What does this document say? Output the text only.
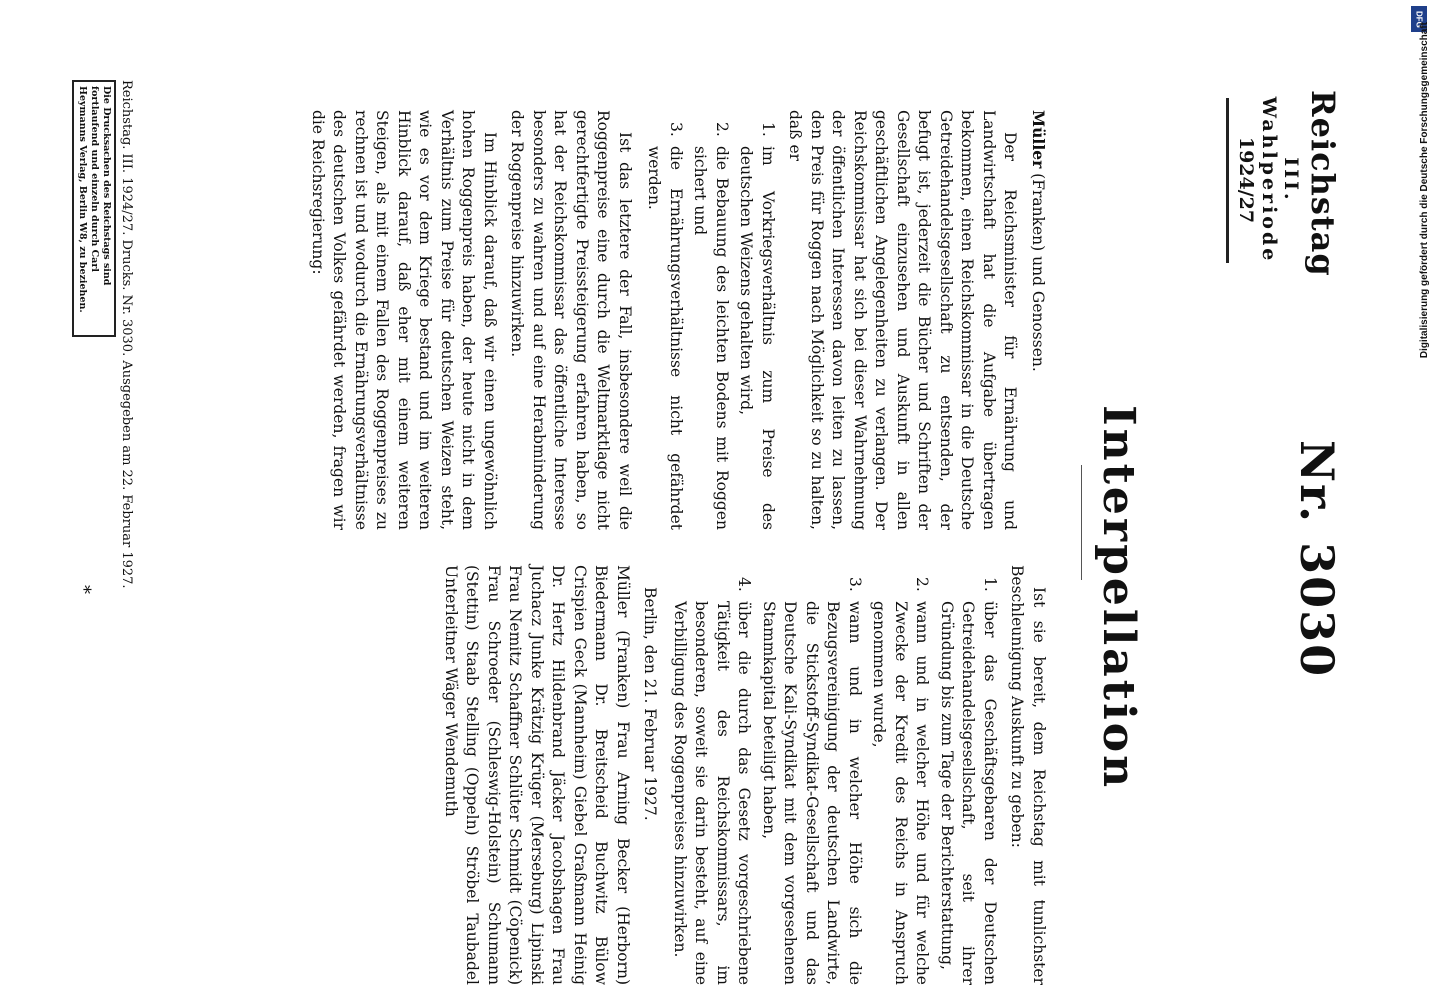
Reichstag
III. Wahlperiode
1924/27
Nr. 3030
Interpellation

Müller (Franken) und Genossen.

Der Reichsminister für Ernährung und Landwirtschaft hat die Aufgabe übertragen bekommen, einen Reichskommissar in die Deutsche Getreidehandelsgesellschaft zu entsenden, der befugt ist, jederzeit die Bücher und Schriften der Gesellschaft einzusehen und Auskunft in allen geschäftlichen Angelegenheiten zu verlangen. Der Reichskommissar hat sich bei dieser Wahrnehmung der öffentlichen Interessen davon leiten zu lassen, den Preis für Roggen nach Möglichkeit so zu halten, daß er

1.
im Vorkriegsverhältnis zum Preise des deutschen Weizens gehalten wird,
2.
die Bebauung des leichten Bodens mit Roggen sichert und
3.
die Ernährungsverhältnisse nicht gefährdet werden.

Ist das letztere der Fall, insbesondere weil die Roggenpreise eine durch die Weltmarktlage nicht gerechtfertigte Preissteigerung erfahren haben, so hat der Reichskommissar das öffentliche Interesse besonders zu wahren und auf eine Herabminderung der Roggenpreise hinzuwirken.

Im Hinblick darauf, daß wir einen ungewöhnlich hohen Roggenpreis haben, der heute nicht in dem Verhältnis zum Preise für deutschen Weizen steht, wie es vor dem Kriege bestand und im weiteren Hinblick darauf, daß eher mit einem weiteren Steigen, als mit einem Fallen des Roggenpreises zu rechnen ist und wodurch die Ernährungsverhältnisse des deutschen Volkes gefährdet werden, fragen wir die Reichsregierung:

Ist sie bereit, dem Reichstag mit tunlichster Beschleunigung Auskunft zu geben:

1.
über das Geschäftsgebaren der Deutschen Getreidehandelsgesellschaft, seit ihrer Gründung bis zum Tage der Berichterstattung,
2.
wann und in welcher Höhe und für welche Zwecke der Kredit des Reichs in Anspruch genommen wurde,
3.
wann und in welcher Höhe sich die Bezugsvereinigung der deutschen Landwirte, die Stickstoff-Syndikat-Gesellschaft und das Deutsche Kali-Syndikat mit dem vorgesehenen Stammkapital beteiligt haben,
4.
über die durch das Gesetz vorgeschriebene Tätigkeit des Reichskommissars, im besonderen, soweit sie darin besteht, auf eine Verbilligung des Roggenpreises hinzuwirken.

Berlin, den 21. Februar 1927.

Müller (Franken) Frau Arning Becker (Herborn) Biedermann Dr. Breitscheid Buchwitz Bülow Crispien Geck (Mannheim) Giebel Graßmann Heinig Dr. Hertz Hildenbrand Jäcker Jacobshagen Frau Juchacz Junke Krätzig Krüger (Merseburg) Lipinski Frau Nemitz Schaffner Schlüter Schmidt (Cöpenick) Frau Schroeder (Schleswig-Holstein) Schumann (Stettin) Staab Stelling (Oppeln) Ströbel Taubadel Unterleitner Wäger Wendemuth

Reichstag. III. 1924/27. Drucks. Nr. 3030. Ausgegeben am 22. Februar 1927.
Die Drucksachen des Reichstags sind fortlaufend und einzeln durch Carl Heymanns Verlag, Berlin W8, zu beziehen.
*
DFG
Digitalisierung gefördert durch die Deutsche Forschungsgemeinschaft
